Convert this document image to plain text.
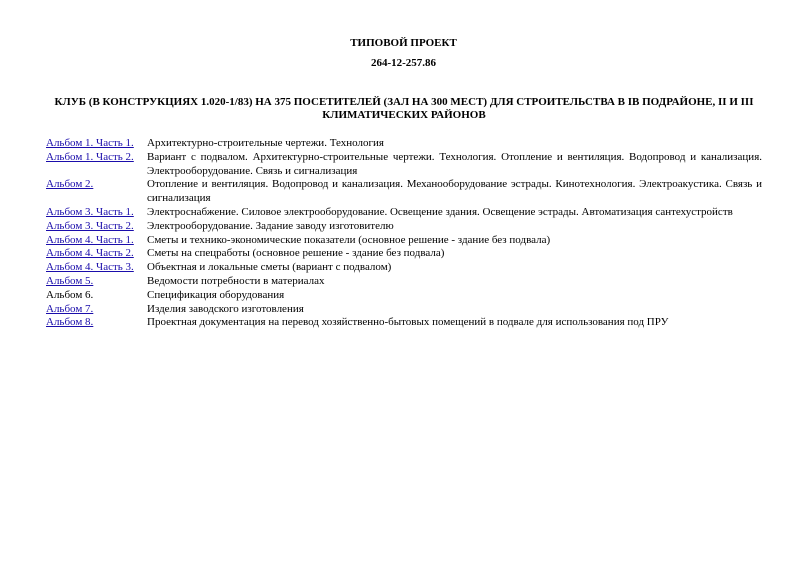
ТИПОВОЙ ПРОЕКТ
264-12-257.86
КЛУБ (В КОНСТРУКЦИЯХ 1.020-1/83) НА 375 ПОСЕТИТЕЛЕЙ (ЗАЛ НА 300 МЕСТ) ДЛЯ СТРОИТЕЛЬСТВА В IВ ПОДРАЙОНЕ, II И III КЛИМАТИЧЕСКИХ РАЙОНОВ
Альбом 1. Часть 1.	Архитектурно-строительные чертежи. Технология
Альбом 1. Часть 2.	Вариант с подвалом. Архитектурно-строительные чертежи. Технология. Отопление и вентиляция. Водопровод и канализация. Электрооборудование. Связь и сигнализация
Альбом 2.	Отопление и вентиляция. Водопровод и канализация. Механооборудование эстрады. Кинотехнология. Электроакустика. Связь и сигнализация
Альбом 3. Часть 1.	Электроснабжение. Силовое электрооборудование. Освещение здания. Освещение эстрады. Автоматизация сантехустройств
Альбом 3. Часть 2.	Электрооборудование. Задание заводу изготовителю
Альбом 4. Часть 1.	Сметы и технико-экономические показатели (основное решение - здание без подвала)
Альбом 4. Часть 2.	Сметы на спецработы (основное решение - здание без подвала)
Альбом 4. Часть 3.	Объектная и локальные сметы (вариант с подвалом)
Альбом 5.	Ведомости потребности в материалах
Альбом 6.	Спецификация оборудования
Альбом 7.	Изделия заводского изготовления
Альбом 8.	Проектная документация на перевод хозяйственно-бытовых помещений в подвале для использования под ПРУ
